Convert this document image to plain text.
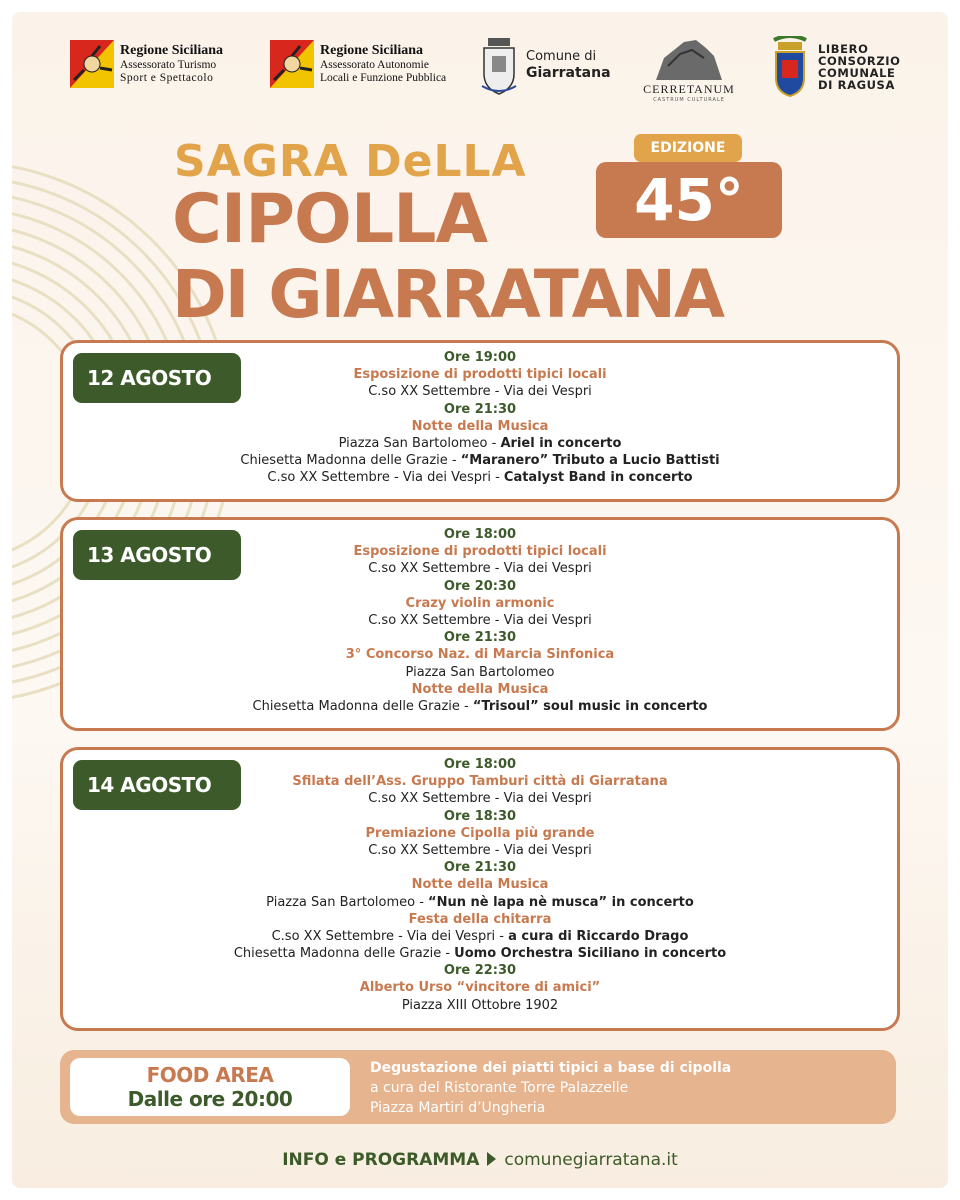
Regione Siciliana
Assessorato Turismo
Sport e Spettacolo
Regione Siciliana
Assessorato Autonomie
Locali e Funzione Pubblica
Comune di
Giarratana
CERRETANUM
CASTRUM CULTURALE
LIBERO
CONSORZIO
COMUNALE
DI RAGUSA
SAGRA DeLLA
CIPOLLA
DI GIARRATANA
EDIZIONE
45°
12 AGOSTO
Ore 19:00
Esposizione di prodotti tipici locali
C.so XX Settembre - Via dei Vespri
Ore 21:30
Notte della Musica
Piazza San Bartolomeo - Ariel in concerto
Chiesetta Madonna delle Grazie - “Maranero” Tributo a Lucio Battisti
C.so XX Settembre - Via dei Vespri - Catalyst Band in concerto
13 AGOSTO
Ore 18:00
Esposizione di prodotti tipici locali
C.so XX Settembre - Via dei Vespri
Ore 20:30
Crazy violin armonic
C.so XX Settembre - Via dei Vespri
Ore 21:30
3° Concorso Naz. di Marcia Sinfonica
Piazza San Bartolomeo
Notte della Musica
Chiesetta Madonna delle Grazie - “Trisoul” soul music in concerto
14 AGOSTO
Ore 18:00
Sfilata dell’Ass. Gruppo Tamburi città di Giarratana
C.so XX Settembre - Via dei Vespri
Ore 18:30
Premiazione Cipolla più grande
C.so XX Settembre - Via dei Vespri
Ore 21:30
Notte della Musica
Piazza San Bartolomeo - “Nun nè lapa nè musca” in concerto
Festa della chitarra
C.so XX Settembre - Via dei Vespri - a cura di Riccardo Drago
Chiesetta Madonna delle Grazie - Uomo Orchestra Siciliano in concerto
Ore 22:30
Alberto Urso “vincitore di amici”
Piazza XIII Ottobre 1902
FOOD AREA
Dalle ore 20:00
Degustazione dei piatti tipici a base di cipolla
a cura del Ristorante Torre Palazzelle
Piazza Martiri d’Ungheria
INFO e PROGRAMMA comunegiarratana.it
